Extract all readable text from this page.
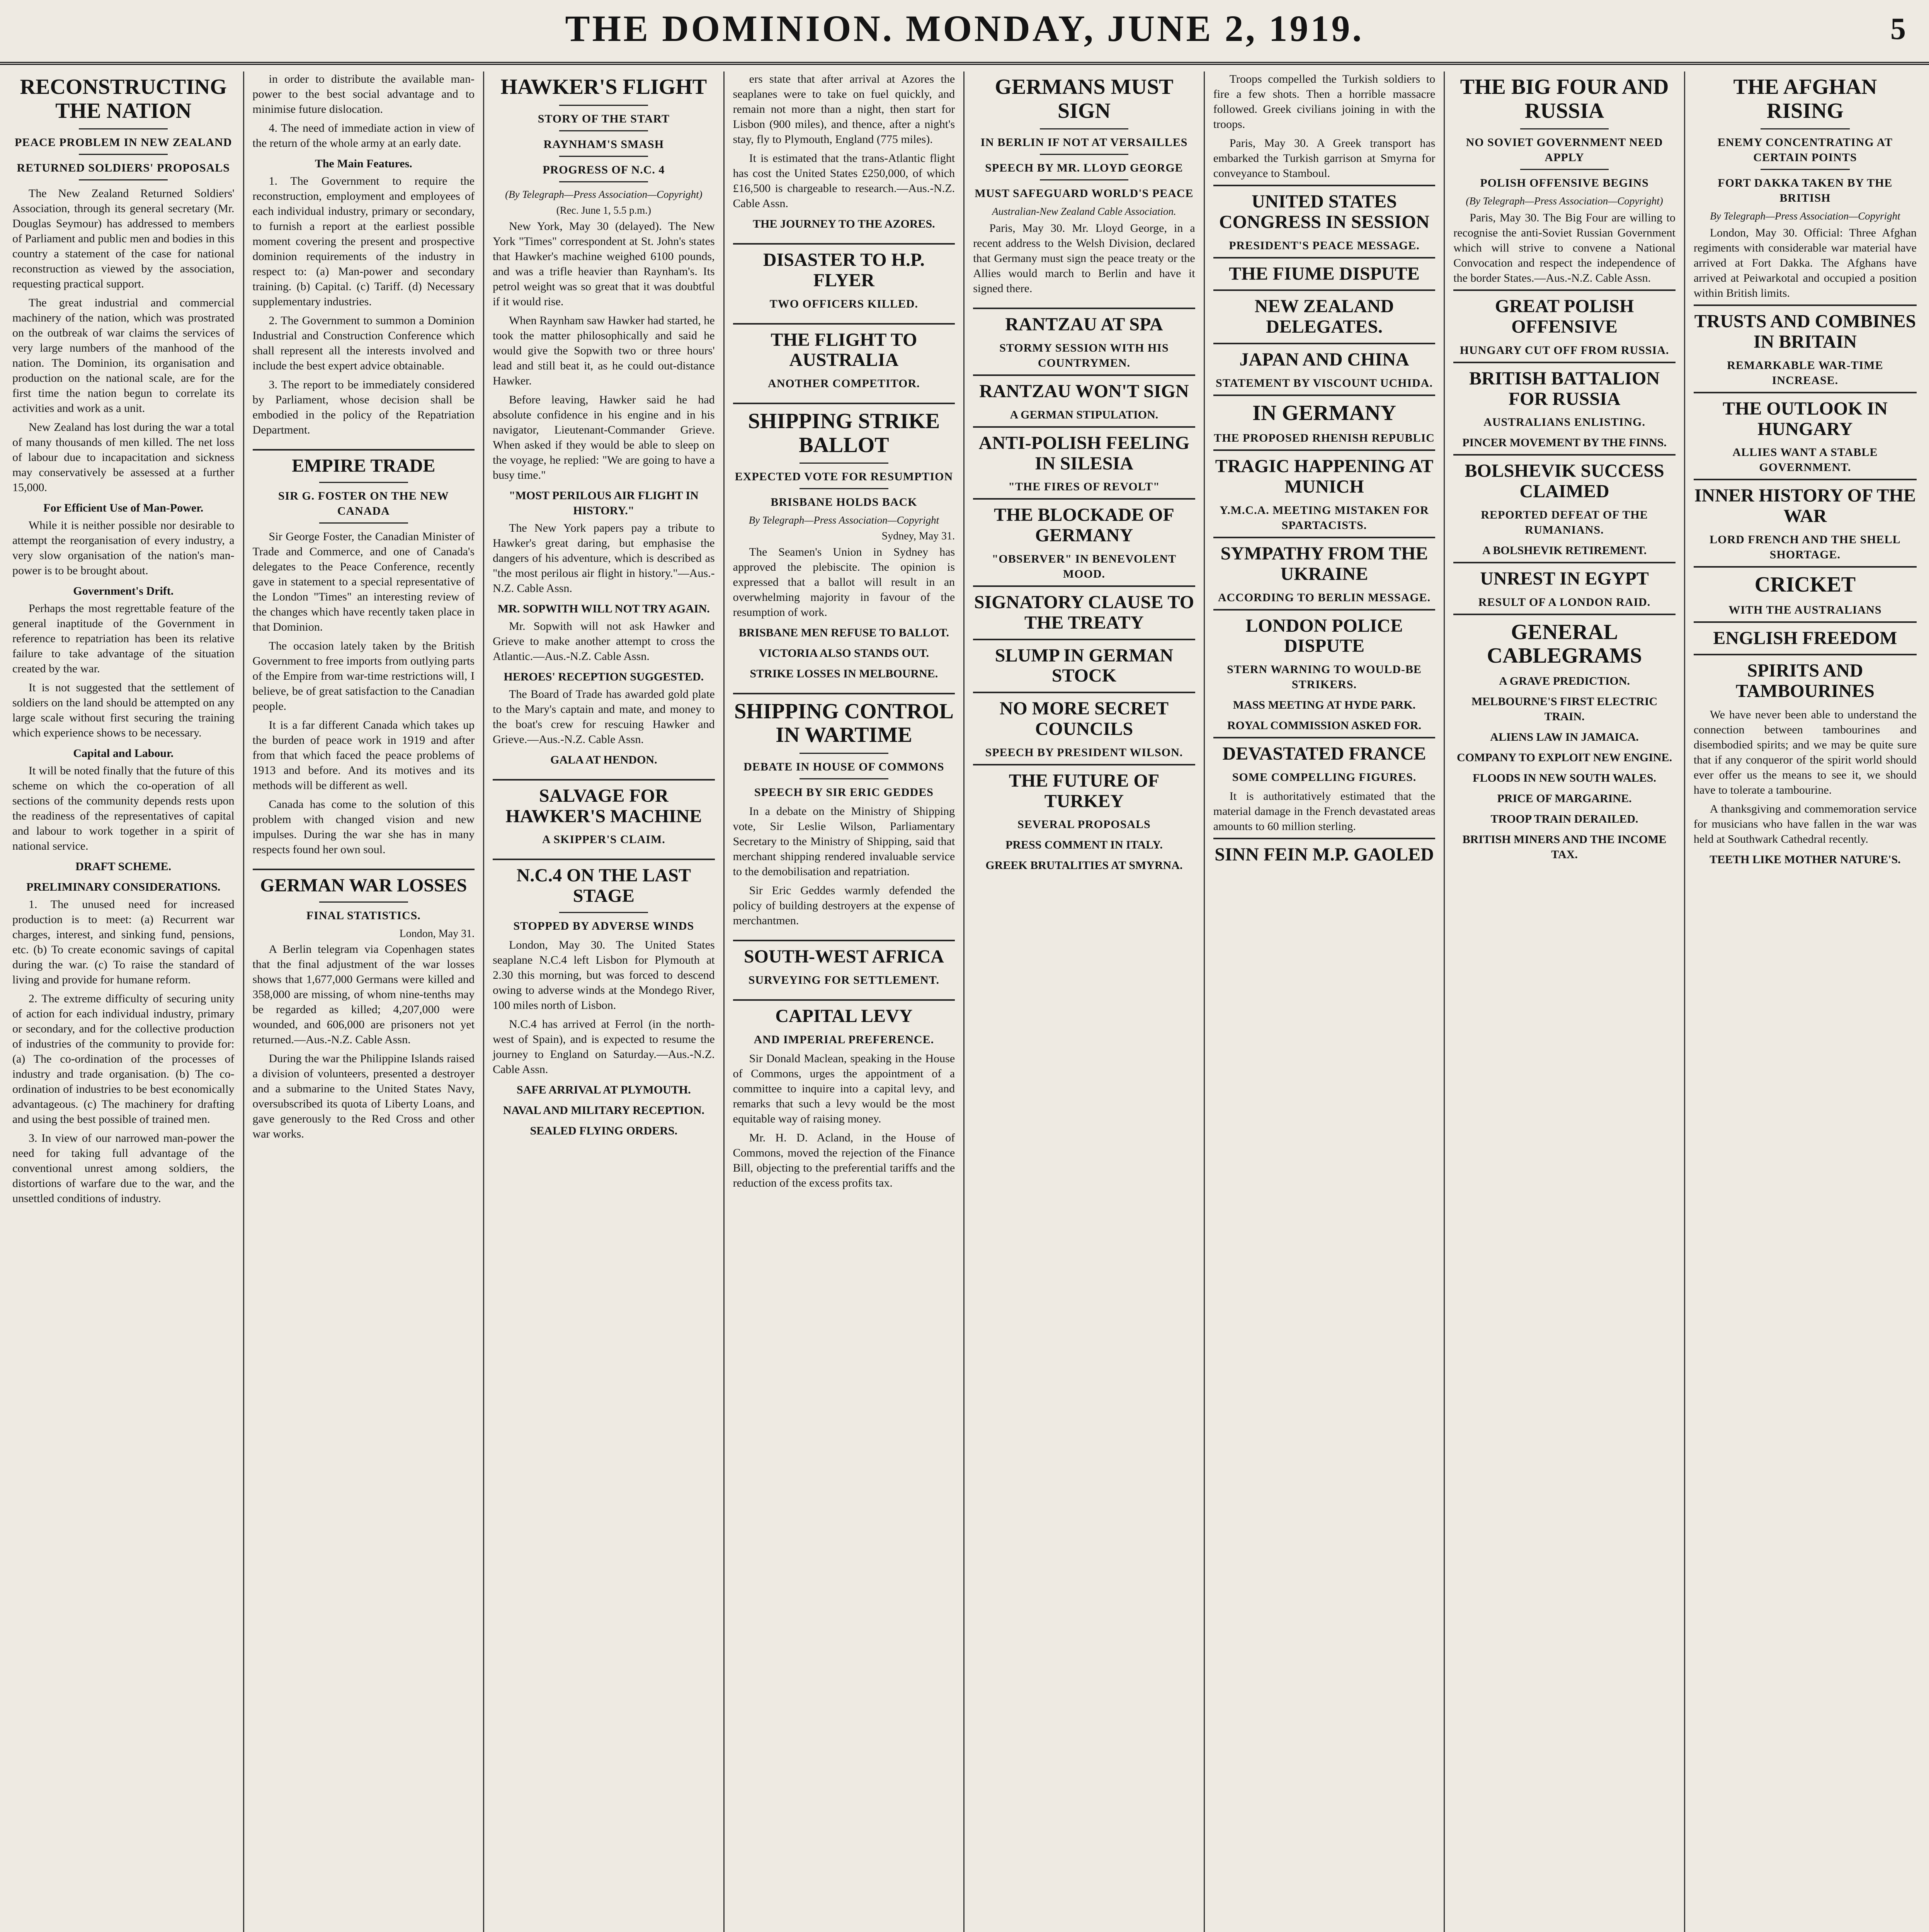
5
THE DOMINION. MONDAY, JUNE 2, 1919.
RECONSTRUCTING THE NATION
PEACE PROBLEM IN NEW ZEALAND
RETURNED SOLDIERS' PROPOSALS

The New Zealand Returned Soldiers' Association, through its general secretary (Mr. Douglas Seymour) has addressed to members of Parliament and public men and bodies in this country a statement of the case for national reconstruction as viewed by the association, requesting practical support.

The great industrial and commercial machinery of the nation, which was prostrated on the outbreak of war claims the services of very large numbers of the manhood of the nation. The Dominion, its organisation and production on the national scale, are for the first time the nation begun to correlate its activities and work as a unit.

New Zealand has lost during the war a total of many thousands of men killed. The net loss of labour due to incapacitation and sickness may conservatively be assessed at a further 15,000.

For Efficient Use of Man-Power.

While it is neither possible nor desirable to attempt the reorganisation of every industry, a very slow organisation of the nation's man-power is to be brought about.

Government's Drift.

Perhaps the most regrettable feature of the general inaptitude of the Government in reference to repatriation has been its relative failure to take advantage of the situation created by the war.

It is not suggested that the settlement of soldiers on the land should be attempted on any large scale without first securing the training which experience shows to be necessary.

Capital and Labour.

It will be noted finally that the future of this scheme on which the co-operation of all sections of the community depends rests upon the readiness of the representatives of capital and labour to work together in a spirit of national service.

DRAFT SCHEME.
PRELIMINARY CONSIDERATIONS.

1. The unused need for increased production is to meet: (a) Recurrent war charges, interest, and sinking fund, pensions, etc. (b) To create economic savings of capital during the war. (c) To raise the standard of living and provide for humane reform.

2. The extreme difficulty of securing unity of action for each individual industry, primary or secondary, and for the collective production of industries of the community to provide for: (a) The co-ordination of the processes of industry and trade organisation. (b) The co-ordination of industries to be best economically advantageous. (c) The machinery for drafting and using the best possible of trained men.

3. In view of our narrowed man-power the need for taking full advantage of the conventional unrest among soldiers, the distortions of warfare due to the war, and the unsettled conditions of industry.

in order to distribute the available man-power to the best social advantage and to minimise future dislocation.

4. The need of immediate action in view of the return of the whole army at an early date.

The Main Features.

1. The Government to require the reconstruction, employment and employees of each individual industry, primary or secondary, to furnish a report at the earliest possible moment covering the present and prospective dominion requirements of the industry in respect to: (a) Man-power and secondary training. (b) Capital. (c) Tariff. (d) Necessary supplementary industries.

2. The Government to summon a Dominion Industrial and Construction Conference which shall represent all the interests involved and include the best expert advice obtainable.

3. The report to be immediately considered by Parliament, whose decision shall be embodied in the policy of the Repatriation Department.

EMPIRE TRADE
SIR G. FOSTER ON THE NEW CANADA

Sir George Foster, the Canadian Minister of Trade and Commerce, and one of Canada's delegates to the Peace Conference, recently gave in statement to a special representative of the London "Times" an interesting review of the changes which have recently taken place in that Dominion.

The occasion lately taken by the British Government to free imports from outlying parts of the Empire from war-time restrictions will, I believe, be of great satisfaction to the Canadian people.

It is a far different Canada which takes up the burden of peace work in 1919 and after from that which faced the peace problems of 1913 and before. And its motives and its methods will be different as well.

Canada has come to the solution of this problem with changed vision and new impulses. During the war she has in many respects found her own soul.

GERMAN WAR LOSSES
FINAL STATISTICS.
London, May 31.

A Berlin telegram via Copenhagen states that the final adjustment of the war losses shows that 1,677,000 Germans were killed and 358,000 are missing, of whom nine-tenths may be regarded as killed; 4,207,000 were wounded, and 606,000 are prisoners not yet returned.—Aus.-N.Z. Cable Assn.

During the war the Philippine Islands raised a division of volunteers, presented a destroyer and a submarine to the United States Navy, oversubscribed its quota of Liberty Loans, and gave generously to the Red Cross and other war works.

HAWKER'S FLIGHT
STORY OF THE START
RAYNHAM'S SMASH
PROGRESS OF N.C. 4
(By Telegraph—Press Association—Copyright)
(Rec. June 1, 5.5 p.m.)

New York, May 30 (delayed). The New York "Times" correspondent at St. John's states that Hawker's machine weighed 6100 pounds, and was a trifle heavier than Raynham's. Its petrol weight was so great that it was doubtful if it would rise.

When Raynham saw Hawker had started, he took the matter philosophically and said he would give the Sopwith two or three hours' lead and still beat it, as he could out-distance Hawker.

Before leaving, Hawker said he had absolute confidence in his engine and in his navigator, Lieutenant-Commander Grieve. When asked if they would be able to sleep on the voyage, he replied: "We are going to have a busy time."

"MOST PERILOUS AIR FLIGHT IN HISTORY."

The New York papers pay a tribute to Hawker's great daring, but emphasise the dangers of his adventure, which is described as "the most perilous air flight in history."—Aus.-N.Z. Cable Assn.

MR. SOPWITH WILL NOT TRY AGAIN.

Mr. Sopwith will not ask Hawker and Grieve to make another attempt to cross the Atlantic.—Aus.-N.Z. Cable Assn.

HEROES' RECEPTION SUGGESTED.

The Board of Trade has awarded gold plate to the Mary's captain and mate, and money to the boat's crew for rescuing Hawker and Grieve.—Aus.-N.Z. Cable Assn.

GALA AT HENDON.
SALVAGE FOR HAWKER'S MACHINE
A SKIPPER'S CLAIM.
N.C.4 ON THE LAST STAGE
STOPPED BY ADVERSE WINDS

London, May 30. The United States seaplane N.C.4 left Lisbon for Plymouth at 2.30 this morning, but was forced to descend owing to adverse winds at the Mondego River, 100 miles north of Lisbon.

N.C.4 has arrived at Ferrol (in the north-west of Spain), and is expected to resume the journey to England on Saturday.—Aus.-N.Z. Cable Assn.

SAFE ARRIVAL AT PLYMOUTH.
NAVAL AND MILITARY RECEPTION.
SEALED FLYING ORDERS.

ers state that after arrival at Azores the seaplanes were to take on fuel quickly, and remain not more than a night, then start for Lisbon (900 miles), and thence, after a night's stay, fly to Plymouth, England (775 miles).

It is estimated that the trans-Atlantic flight has cost the United States £250,000, of which £16,500 is chargeable to research.—Aus.-N.Z. Cable Assn.

THE JOURNEY TO THE AZORES.
DISASTER TO H.P. FLYER
TWO OFFICERS KILLED.
THE FLIGHT TO AUSTRALIA
ANOTHER COMPETITOR.
SHIPPING STRIKE BALLOT
EXPECTED VOTE FOR RESUMPTION
BRISBANE HOLDS BACK
By Telegraph—Press Association—Copyright
Sydney, May 31.

The Seamen's Union in Sydney has approved the plebiscite. The opinion is expressed that a ballot will result in an overwhelming majority in favour of the resumption of work.

BRISBANE MEN REFUSE TO BALLOT.
VICTORIA ALSO STANDS OUT.
STRIKE LOSSES IN MELBOURNE.
SHIPPING CONTROL IN WARTIME
DEBATE IN HOUSE OF COMMONS
SPEECH BY SIR ERIC GEDDES

In a debate on the Ministry of Shipping vote, Sir Leslie Wilson, Parliamentary Secretary to the Ministry of Shipping, said that merchant shipping rendered invaluable service to the demobilisation and repatriation.

Sir Eric Geddes warmly defended the policy of building destroyers at the expense of merchantmen.

SOUTH-WEST AFRICA
SURVEYING FOR SETTLEMENT.
CAPITAL LEVY
AND IMPERIAL PREFERENCE.

Sir Donald Maclean, speaking in the House of Commons, urges the appointment of a committee to inquire into a capital levy, and remarks that such a levy would be the most equitable way of raising money.

Mr. H. D. Acland, in the House of Commons, moved the rejection of the Finance Bill, objecting to the preferential tariffs and the reduction of the excess profits tax.

GERMANS MUST SIGN
IN BERLIN IF NOT AT VERSAILLES
SPEECH BY MR. LLOYD GEORGE
MUST SAFEGUARD WORLD'S PEACE
Australian-New Zealand Cable Association.

Paris, May 30. Mr. Lloyd George, in a recent address to the Welsh Division, declared that Germany must sign the peace treaty or the Allies would march to Berlin and have it signed there.

RANTZAU AT SPA
STORMY SESSION WITH HIS COUNTRYMEN.
RANTZAU WON'T SIGN
A GERMAN STIPULATION.
ANTI-POLISH FEELING IN SILESIA
"THE FIRES OF REVOLT"
THE BLOCKADE OF GERMANY
"OBSERVER" IN BENEVOLENT MOOD.
SIGNATORY CLAUSE TO THE TREATY
SLUMP IN GERMAN STOCK
NO MORE SECRET COUNCILS
SPEECH BY PRESIDENT WILSON.
THE FUTURE OF TURKEY
SEVERAL PROPOSALS
PRESS COMMENT IN ITALY.
GREEK BRUTALITIES AT SMYRNA.

Troops compelled the Turkish soldiers to fire a few shots. Then a horrible massacre followed. Greek civilians joining in with the troops.

Paris, May 30. A Greek transport has embarked the Turkish garrison at Smyrna for conveyance to Stamboul.

UNITED STATES CONGRESS IN SESSION
PRESIDENT'S PEACE MESSAGE.
THE FIUME DISPUTE
NEW ZEALAND DELEGATES.
JAPAN AND CHINA
STATEMENT BY VISCOUNT UCHIDA.
IN GERMANY
THE PROPOSED RHENISH REPUBLIC
TRAGIC HAPPENING AT MUNICH
Y.M.C.A. MEETING MISTAKEN FOR SPARTACISTS.
SYMPATHY FROM THE UKRAINE
ACCORDING TO BERLIN MESSAGE.
LONDON POLICE DISPUTE
STERN WARNING TO WOULD-BE STRIKERS.
MASS MEETING AT HYDE PARK.
ROYAL COMMISSION ASKED FOR.
DEVASTATED FRANCE
SOME COMPELLING FIGURES.

It is authoritatively estimated that the material damage in the French devastated areas amounts to 60 million sterling.

SINN FEIN M.P. GAOLED
THE BIG FOUR AND RUSSIA
NO SOVIET GOVERNMENT NEED APPLY
POLISH OFFENSIVE BEGINS
(By Telegraph—Press Association—Copyright)

Paris, May 30. The Big Four are willing to recognise the anti-Soviet Russian Government which will strive to convene a National Convocation and respect the independence of the border States.—Aus.-N.Z. Cable Assn.

GREAT POLISH OFFENSIVE
HUNGARY CUT OFF FROM RUSSIA.
BRITISH BATTALION FOR RUSSIA
AUSTRALIANS ENLISTING.
PINCER MOVEMENT BY THE FINNS.
BOLSHEVIK SUCCESS CLAIMED
REPORTED DEFEAT OF THE RUMANIANS.
A BOLSHEVIK RETIREMENT.
UNREST IN EGYPT
RESULT OF A LONDON RAID.
GENERAL CABLEGRAMS
A GRAVE PREDICTION.
MELBOURNE'S FIRST ELECTRIC TRAIN.
ALIENS LAW IN JAMAICA.
COMPANY TO EXPLOIT NEW ENGINE.
FLOODS IN NEW SOUTH WALES.
PRICE OF MARGARINE.
TROOP TRAIN DERAILED.
BRITISH MINERS AND THE INCOME TAX.
THE AFGHAN RISING
ENEMY CONCENTRATING AT CERTAIN POINTS
FORT DAKKA TAKEN BY THE BRITISH
By Telegraph—Press Association—Copyright

London, May 30. Official: Three Afghan regiments with considerable war material have arrived at Fort Dakka. The Afghans have arrived at Peiwarkotal and occupied a position within British limits.

TRUSTS AND COMBINES IN BRITAIN
REMARKABLE WAR-TIME INCREASE.
THE OUTLOOK IN HUNGARY
ALLIES WANT A STABLE GOVERNMENT.
INNER HISTORY OF THE WAR
LORD FRENCH AND THE SHELL SHORTAGE.
CRICKET
WITH THE AUSTRALIANS
ENGLISH FREEDOM
SPIRITS AND TAMBOURINES

We have never been able to understand the connection between tambourines and disembodied spirits; and we may be quite sure that if any conqueror of the spirit world should ever offer us the means to see it, we should have to tolerate a tambourine.

A thanksgiving and commemoration service for musicians who have fallen in the war was held at Southwark Cathedral recently.

TEETH LIKE MOTHER NATURE'S.
